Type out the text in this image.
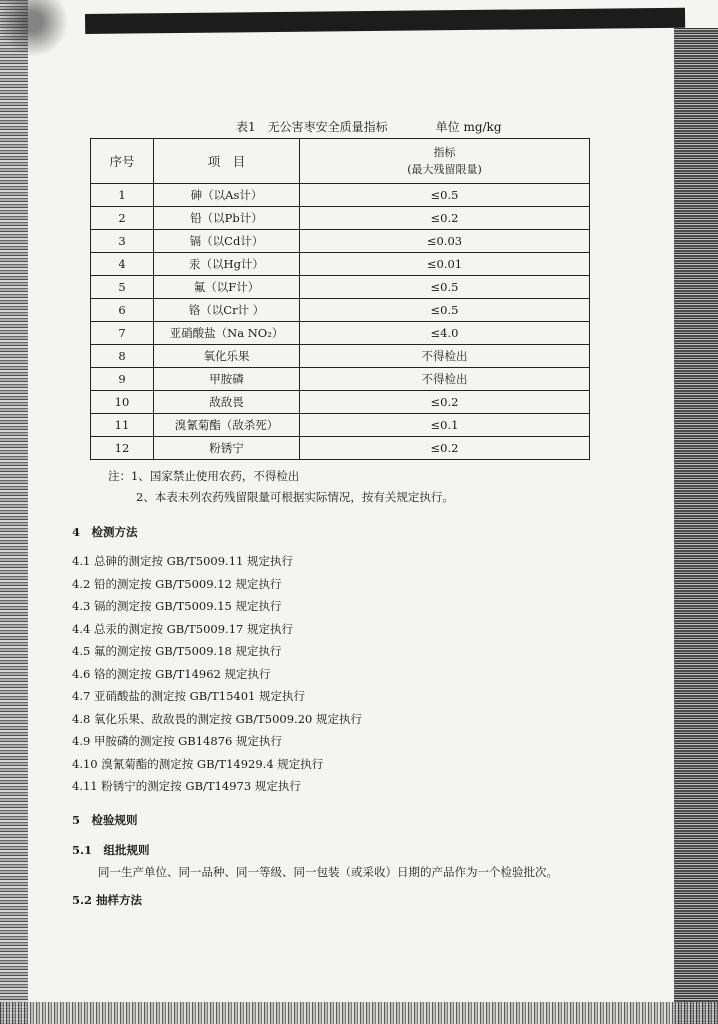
表1　无公害枣安全质量指标	单位 mg/kg
序号	项　目	指标
(最大残留限量)

1	砷（以As计）	≤0.5
2	铅（以Pb计）	≤0.2
3	镉（以Cd计）	≤0.03
4	汞（以Hg计）	≤0.01
5	氟（以F计）	≤0.5
6	铬（以Cr计 ）	≤0.5
7	亚硝酸盐（Na NO₂）	≤4.0
8	氧化乐果	不得检出
9	甲胺磷	不得检出
10	敌敌畏	≤0.2
11	溴氰菊酯（敌杀死）	≤0.1
12	粉锈宁	≤0.2
注：1、国家禁止使用农药，不得检出
2、本表未列农药残留限量可根据实际情况，按有关规定执行。
4　检测方法
4.1 总砷的测定按 GB/T5009.11 规定执行
4.2 铅的测定按 GB/T5009.12 规定执行
4.3 镉的测定按 GB/T5009.15 规定执行
4.4 总汞的测定按 GB/T5009.17 规定执行
4.5 氟的测定按 GB/T5009.18 规定执行
4.6 铬的测定按 GB/T14962 规定执行
4.7 亚硝酸盐的测定按 GB/T15401 规定执行
4.8 氧化乐果、敌敌畏的测定按 GB/T5009.20 规定执行
4.9 甲胺磷的测定按 GB14876 规定执行
4.10 溴氰菊酯的测定按 GB/T14929.4 规定执行
4.11 粉锈宁的测定按 GB/T14973 规定执行
5　检验规则
5.1　组批规则
同一生产单位、同一品种、同一等级、同一包装（或采收）日期的产品作为一个检验批次。
5.2 抽样方法
